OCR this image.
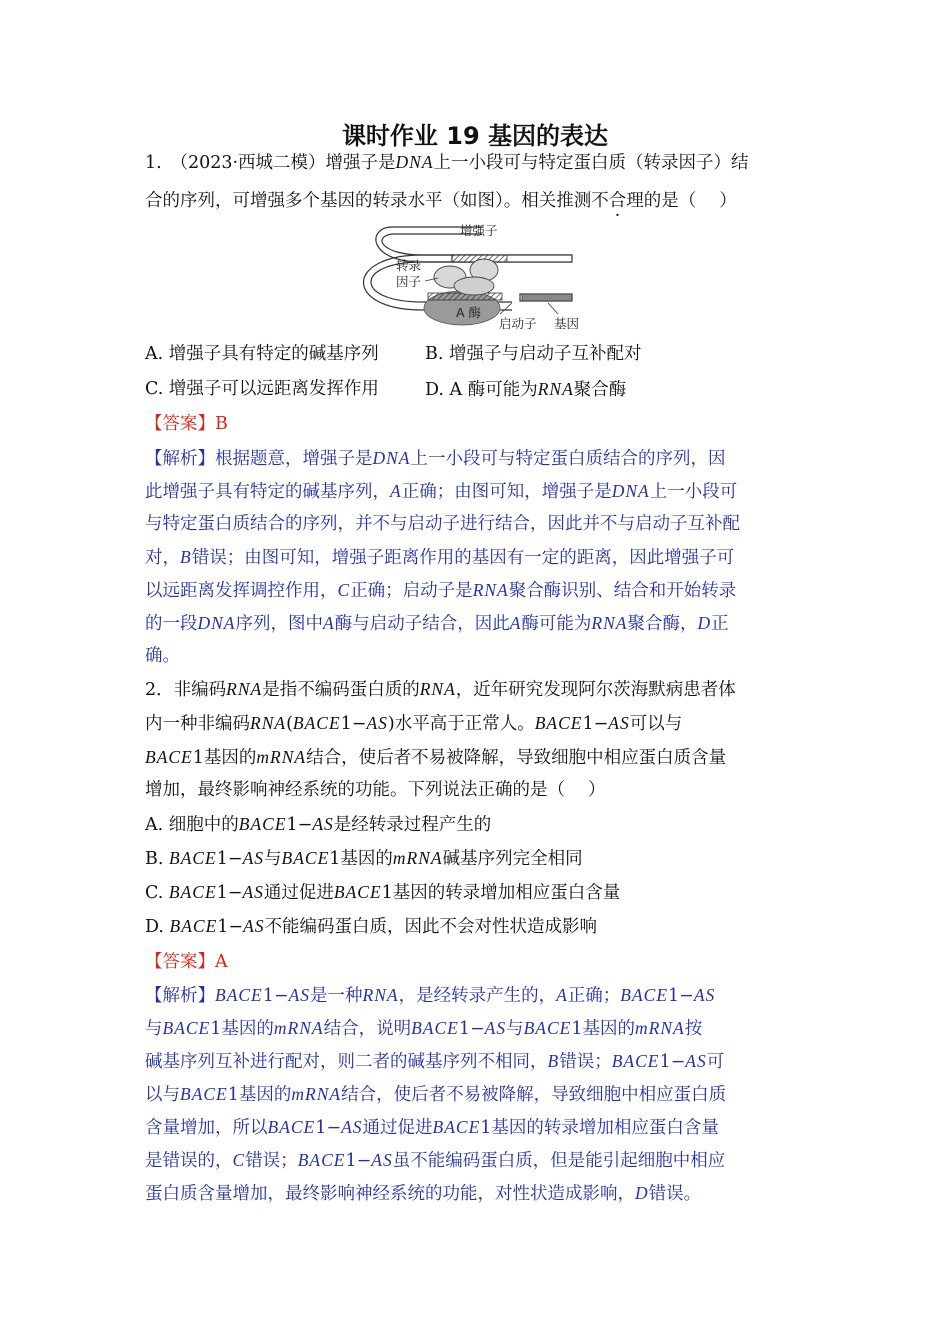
课时作业 19 基因的表达
1.　（2023·西城二模）增强子是DNA上一小段可与特定蛋白质（转录因子）结
合的序列，可增强多个基因的转录水平（如图）。相关推测不合理的是（　 ）
增强子
转录
因子
A 酶
启动子 基因
A. 增强子具有特定的碱基序列	B. 增强子与启动子互补配对
C. 增强子可以远距离发挥作用	D. A 酶可能为RNA聚合酶
【答案】B
【解析】根据题意，增强子是DNA上一小段可与特定蛋白质结合的序列，因
此增强子具有特定的碱基序列，A正确；由图可知，增强子是DNA上一小段可
与特定蛋白质结合的序列，并不与启动子进行结合，因此并不与启动子互补配
对，B错误；由图可知，增强子距离作用的基因有一定的距离，因此增强子可
以远距离发挥调控作用，C正确；启动子是RNA聚合酶识别、结合和开始转录
的一段DNA序列，图中A酶与启动子结合，因此A酶可能为RNA聚合酶，D正
确。
2．非编码RNA是指不编码蛋白质的RNA，近年研究发现阿尔茨海默病患者体
内一种非编码RNA(BACE1−AS)水平高于正常人。BACE1−AS可以与
BACE1基因的mRNA结合，使后者不易被降解，导致细胞中相应蛋白质含量
增加，最终影响神经系统的功能。下列说法正确的是（　 ）
A. 细胞中的BACE1−AS是经转录过程产生的
B. BACE1−AS与BACE1基因的mRNA碱基序列完全相同
C. BACE1−AS通过促进BACE1基因的转录增加相应蛋白含量
D. BACE1−AS不能编码蛋白质，因此不会对性状造成影响
【答案】A
【解析】BACE1−AS是一种RNA，是经转录产生的，A正确；BACE1−AS
与BACE1基因的mRNA结合，说明BACE1−AS与BACE1基因的mRNA按
碱基序列互补进行配对，则二者的碱基序列不相同，B错误；BACE1−AS可
以与BACE1基因的mRNA结合，使后者不易被降解，导致细胞中相应蛋白质
含量增加，所以BACE1−AS通过促进BACE1基因的转录增加相应蛋白含量
是错误的，C错误；BACE1−AS虽不能编码蛋白质，但是能引起细胞中相应
蛋白质含量增加，最终影响神经系统的功能，对性状造成影响，D错误。
